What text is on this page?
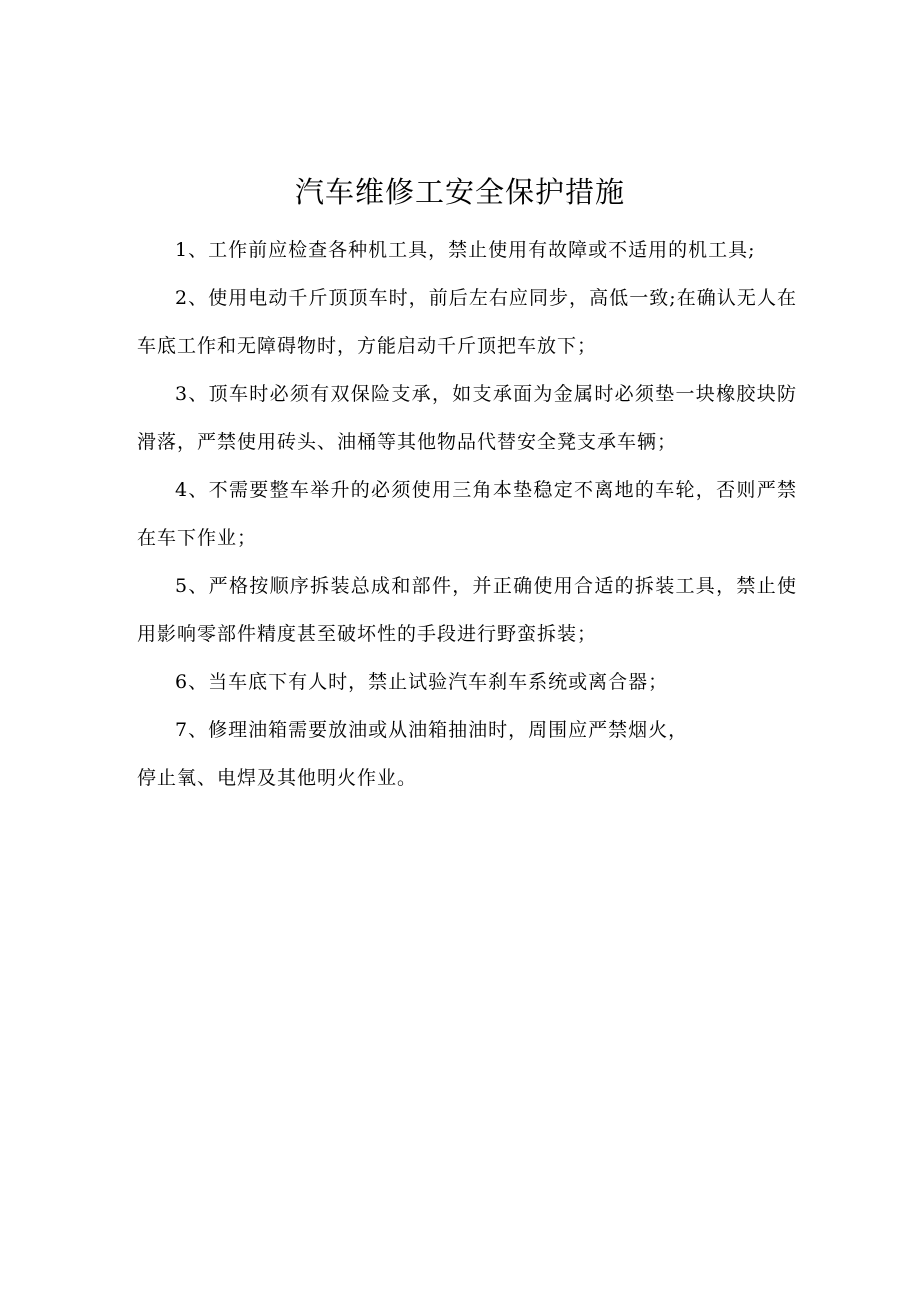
汽车维修工安全保护措施

1、工作前应检查各种机工具，禁止使用有故障或不适用的机工具;

2、使用电动千斤顶顶车时，前后左右应同步，高低一致;在确认无人在车底工作和无障碍物时，方能启动千斤顶把车放下；

3、顶车时必须有双保险支承，如支承面为金属时必须垫一块橡胶块防滑落，严禁使用砖头、油桶等其他物品代替安全凳支承车辆；

4、不需要整车举升的必须使用三角本垫稳定不离地的车轮，否则严禁在车下作业；

5、严格按顺序拆装总成和部件，并正确使用合适的拆装工具，禁止使用影响零部件精度甚至破坏性的手段进行野蛮拆装；

6、当车底下有人时，禁止试验汽车刹车系统或离合器；

7、修理油箱需要放油或从油箱抽油时，周围应严禁烟火，

停止氧、电焊及其他明火作业。
